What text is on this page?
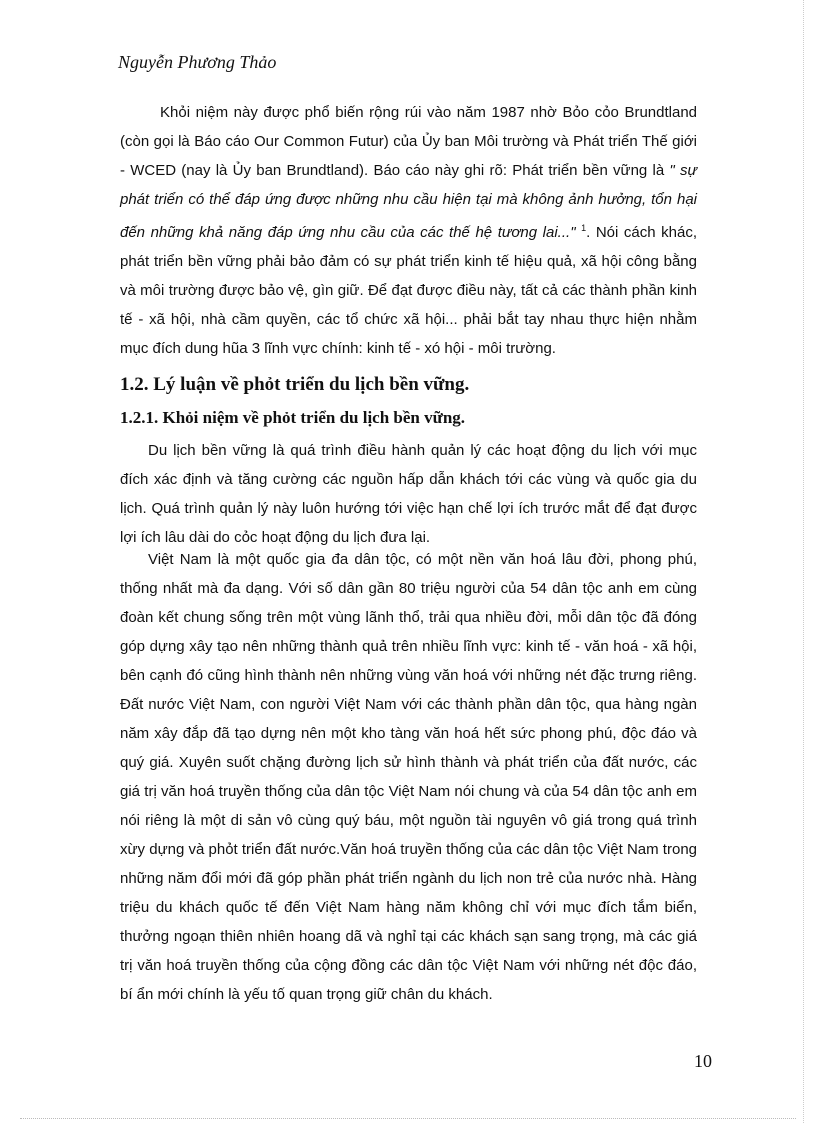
Nguyễn Phương Thảo
Khỏi niệm này được phổ biến rộng rúi vào năm 1987 nhờ Bỏo cỏo Brundtland (còn gọi là Báo cáo Our Common Futur) của Ủy ban Môi trường và Phát triển Thế giới - WCED (nay là Ủy ban Brundtland). Báo cáo này ghi rõ: Phát triển bền vững là " sự phát triển có thể đáp ứng được những nhu cầu hiện tại mà không ảnh hưởng, tổn hại đến những khả năng đáp ứng nhu cầu của các thế hệ tương lai..." $^1$. Nói cách khác, phát triển bền vững phải bảo đảm có sự phát triển kinh tế hiệu quả, xã hội công bằng và môi trường được bảo vệ, gìn giữ. Để đạt được điều này, tất cả các thành phần kinh tế - xã hội, nhà cầm quyền, các tổ chức xã hội... phải bắt tay nhau thực hiện nhằm mục đích dung hũa 3 lĩnh vực chính: kinh tế - xó hội - môi trường.
1.2. Lý luận về phỏt triển du lịch bền vững.
1.2.1. Khỏi niệm về phỏt triển du lịch bền vững.

Du lịch bền vững là quá trình điều hành quản lý các hoạt động du lịch với mục đích xác định và tăng cường các nguồn hấp dẫn khách tới các vùng và quốc gia du lịch. Quá trình quản lý này luôn hướng tới việc hạn chế lợi ích trước mắt để đạt được lợi ích lâu dài do cỏc hoạt động du lịch đưa lại.

Việt Nam là một quốc gia đa dân tộc, có một nền văn hoá lâu đời, phong phú, thống nhất mà đa dạng. Với số dân gần 80 triệu người của 54 dân tộc anh em cùng đoàn kết chung sống trên một vùng lãnh thổ, trải qua nhiều đời, mỗi dân tộc đã đóng góp dựng xây tạo nên những thành quả trên nhiều lĩnh vực: kinh tế - văn hoá - xã hội, bên cạnh đó cũng hình thành nên những vùng văn hoá với những nét đặc trưng riêng. Đất nước Việt Nam, con người Việt Nam với các thành phần dân tộc, qua hàng ngàn năm xây đắp đã tạo dựng nên một kho tàng văn hoá hết sức phong phú, độc đáo và quý giá. Xuyên suốt chặng đường lịch sử hình thành và phát triển của đất nước, các giá trị văn hoá truyền thống của dân tộc Việt Nam nói chung và của 54 dân tộc anh em nói riêng là một di sản vô cùng quý báu, một nguồn tài nguyên vô giá trong quá trình xừy dựng và phỏt triển đất nước.Văn hoá truyền thống của các dân tộc Việt Nam trong những năm đổi mới đã góp phần phát triển ngành du lịch non trẻ của nước nhà. Hàng triệu du khách quốc tế đến Việt Nam hàng năm không chỉ với mục đích tắm biển, thưởng ngoạn thiên nhiên hoang dã và nghỉ tại các khách sạn sang trọng, mà các giá trị văn hoá truyền thống của cộng đồng các dân tộc Việt Nam với những nét độc đáo, bí ẩn mới chính là yếu tố quan trọng giữ chân du khách.

10
